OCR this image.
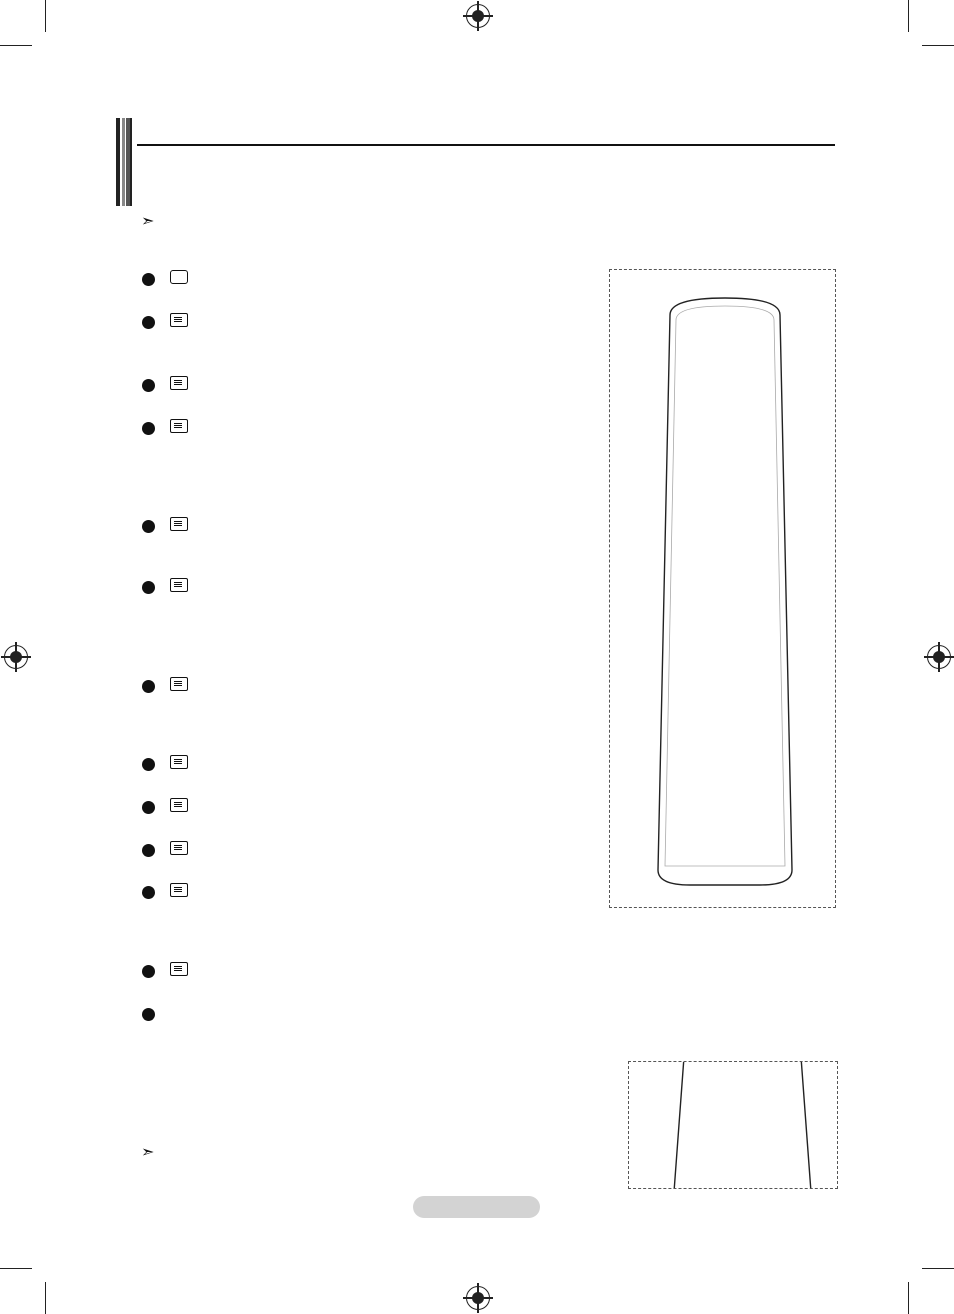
➣
➣
